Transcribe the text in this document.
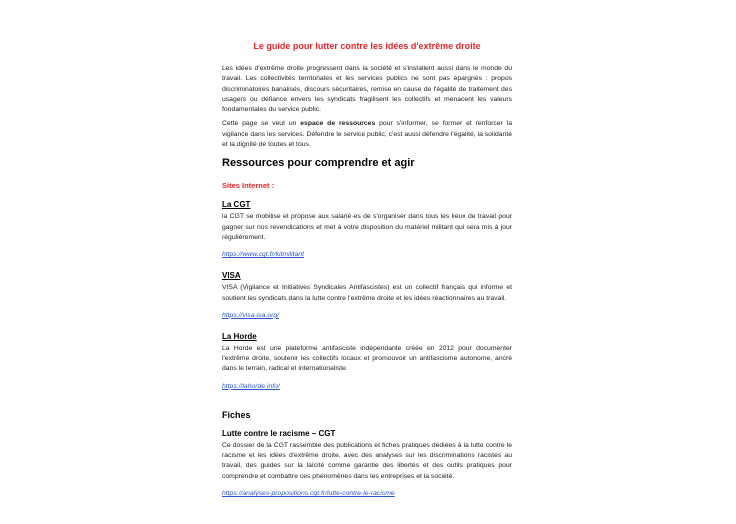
Le guide pour lutter contre les idées d'extrême droite

Les idées d'extrême droite progressent dans la société et s'installent aussi dans le monde du travail. Les collectivités territoriales et les services publics ne sont pas épargnés : propos discriminatoires banalisés, discours sécuritaires, remise en cause de l'égalité de traitement des usagers ou défiance envers les syndicats fragilisent les collectifs et menacent les valeurs fondamentales du service public.

Cette page se veut un espace de ressources pour s'informer, se former et renforcer la vigilance dans les services. Défendre le service public, c'est aussi défendre l'égalité, la solidarité et la dignité de toutes et tous.

Ressources pour comprendre et agir
Sites Internet :
La CGT

la CGT se mobilise et propose aux salarié·es de s'organiser dans tous les lieux de travail pour gagner sur nos revendications et met à votre disposition du matériel militant qui sera mis à jour régulièrement.

https://www.cgt.fr/kitmilitant
VISA

VISA (Vigilance et Initiatives Syndicales Antifascistes) est un collectif français qui informe et soutient les syndicats dans la lutte contre l'extrême droite et les idées réactionnaires au travail.

https://visa-isa.org/
La Horde

La Horde est une plateforme antifasciste indépendante créée en 2012 pour documenter l'extrême droite, soutenir les collectifs locaux et promouvoir un antifascisme autonome, ancré dans le terrain, radical et internationaliste.

https://lahorde.info/
Fiches
Lutte contre le racisme – CGT

Ce dossier de la CGT rassemble des publications et fiches pratiques dédiées à la lutte contre le racisme et les idées d'extrême droite, avec des analyses sur les discriminations racistes au travail, des guides sur la laïcité comme garantie des libertés et des outils pratiques pour comprendre et combattre ces phénomènes dans les entreprises et la société.

https://analyses-propositions.cgt.fr/lutte-contre-le-racisme
